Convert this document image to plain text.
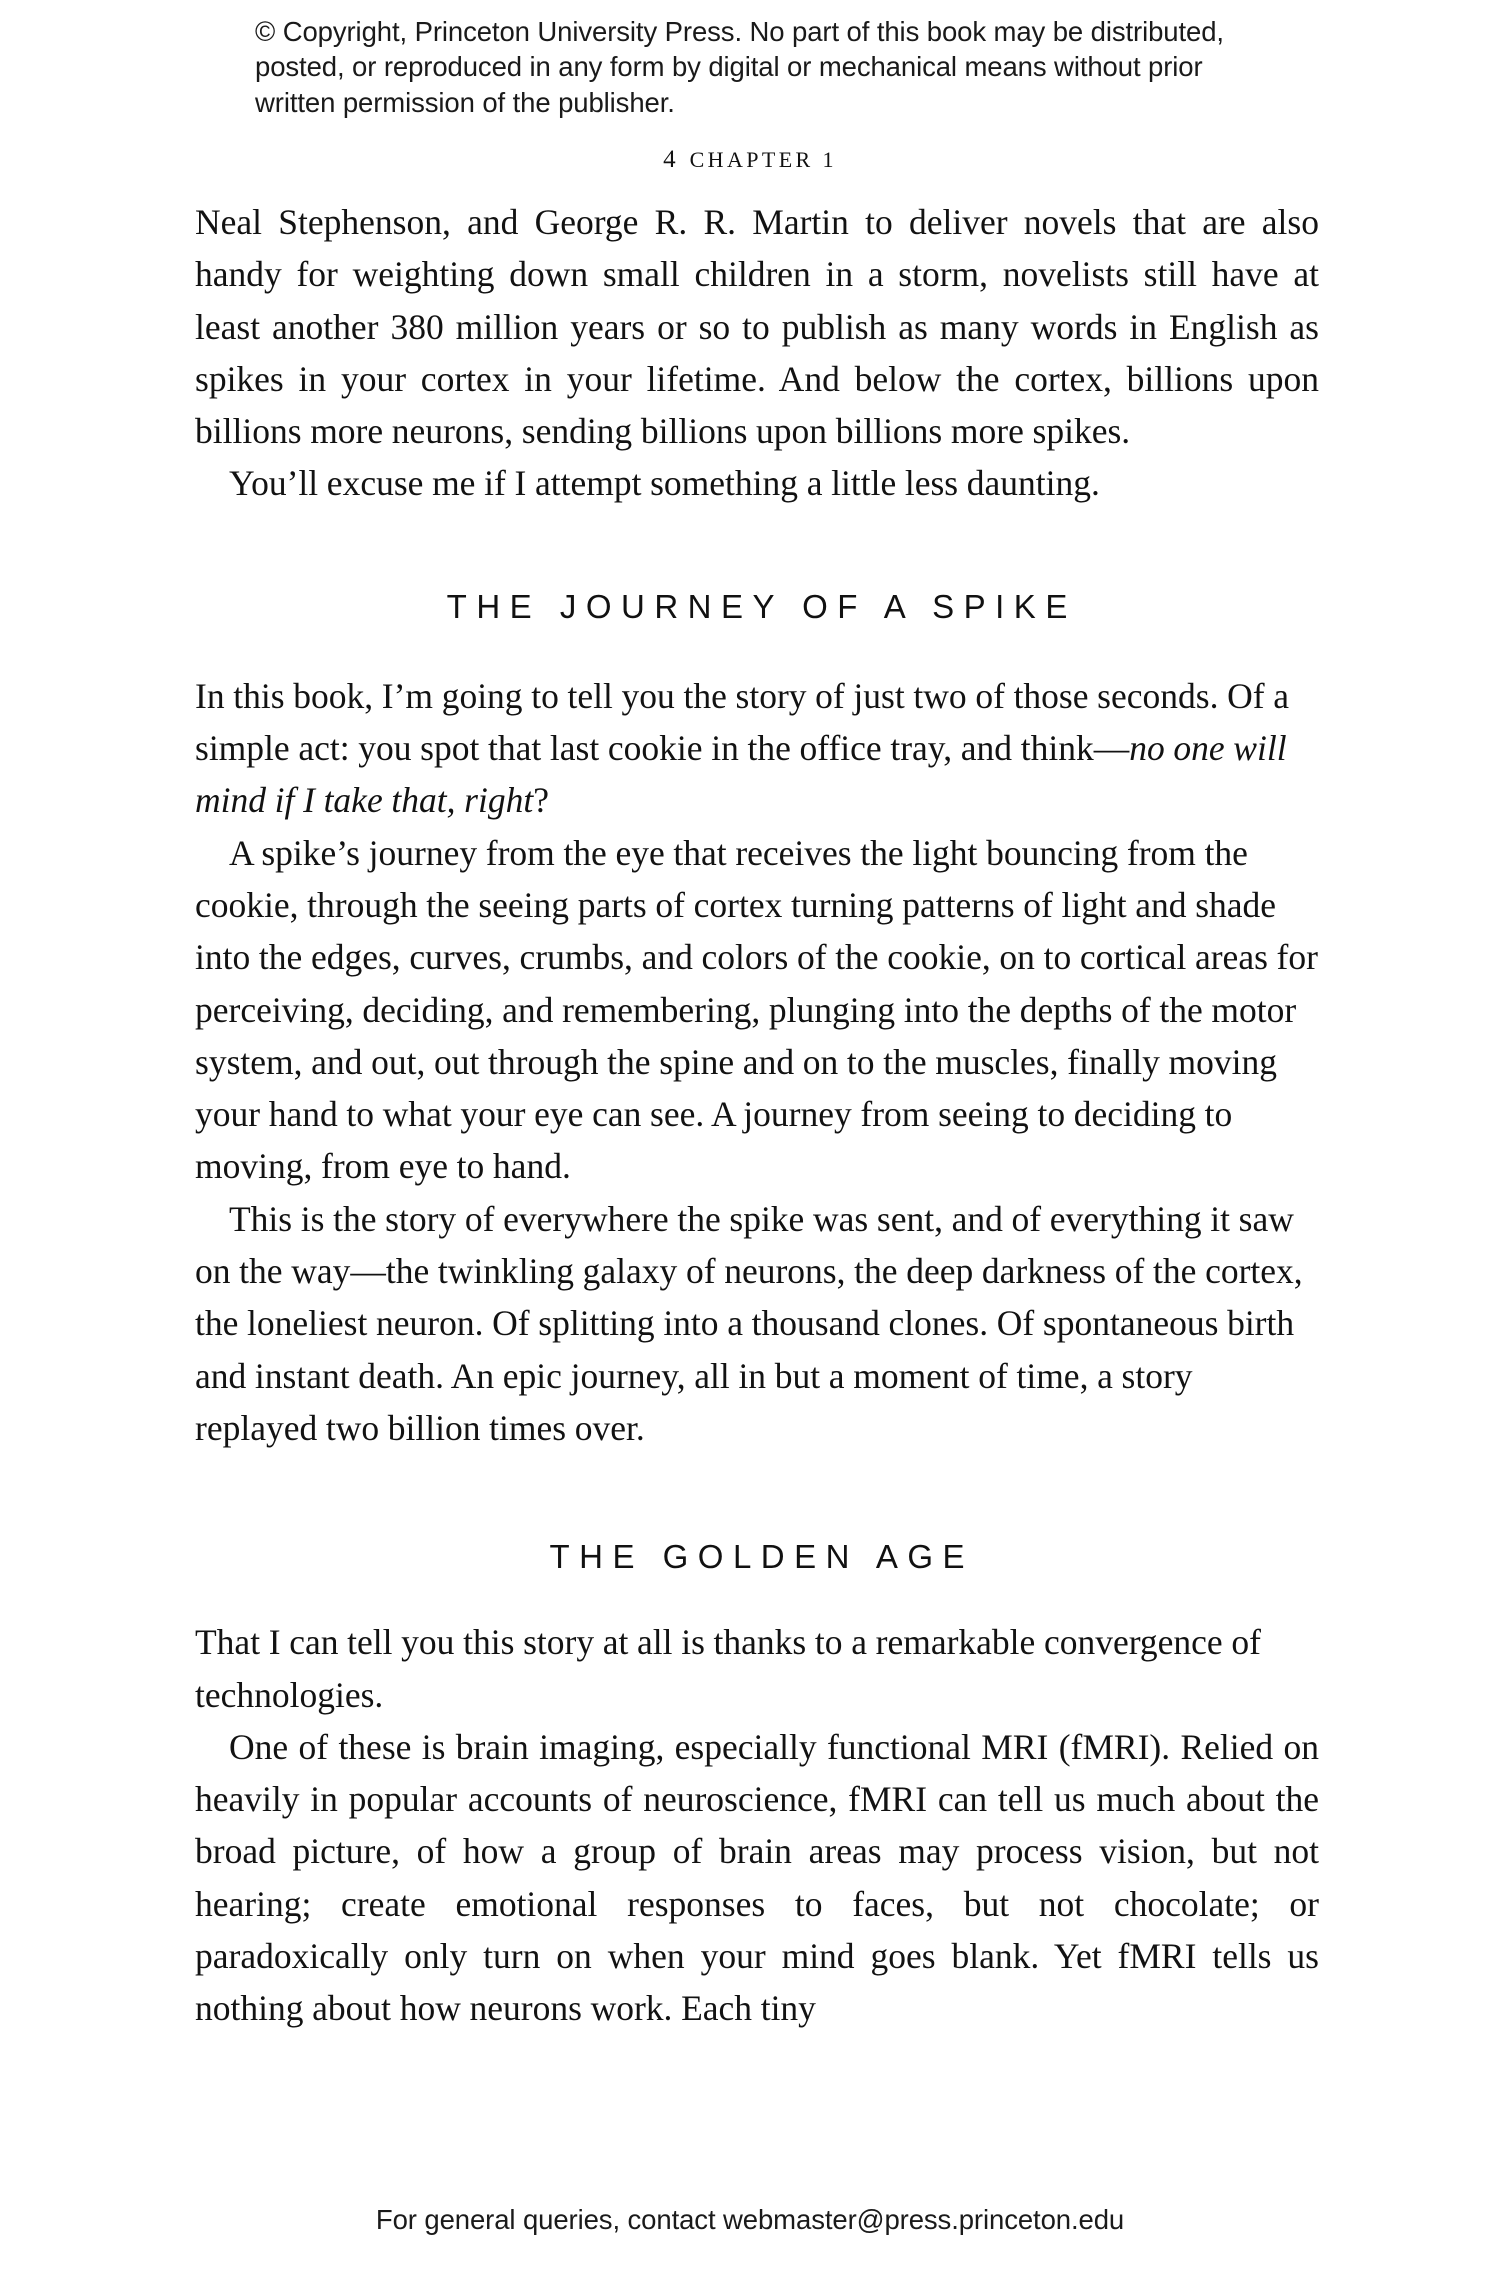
© Copyright, Princeton University Press. No part of this book may be distributed, posted, or reproduced in any form by digital or mechanical means without prior written permission of the publisher.
4 CHAPTER 1

Neal Stephenson, and George R. R. Martin to deliver novels that are also handy for weighting down small children in a storm, novelists still have at least another 380 million years or so to publish as many words in English as spikes in your cortex in your lifetime. And below the cortex, billions upon billions more neurons, sending billions upon billions more spikes.

You’ll excuse me if I attempt something a little less daunting.

THE JOURNEY OF A SPIKE

In this book, I’m going to tell you the story of just two of those seconds. Of a simple act: you spot that last cookie in the office tray, and think—no one will mind if I take that, right?

A spike’s journey from the eye that receives the light bouncing from the cookie, through the seeing parts of cortex turning patterns of light and shade into the edges, curves, crumbs, and colors of the cookie, on to cortical areas for perceiving, deciding, and remembering, plunging into the depths of the motor system, and out, out through the spine and on to the muscles, finally moving your hand to what your eye can see. A journey from seeing to deciding to moving, from eye to hand.

This is the story of everywhere the spike was sent, and of everything it saw on the way—the twinkling galaxy of neurons, the deep darkness of the cortex, the loneliest neuron. Of splitting into a thousand clones. Of spontaneous birth and instant death. An epic journey, all in but a moment of time, a story replayed two billion times over.

THE GOLDEN AGE

That I can tell you this story at all is thanks to a remarkable convergence of technologies.

One of these is brain imaging, especially functional MRI (fMRI). Relied on heavily in popular accounts of neuroscience, fMRI can tell us much about the broad picture, of how a group of brain areas may process vision, but not hearing; create emotional responses to faces, but not chocolate; or paradoxically only turn on when your mind goes blank. Yet fMRI tells us nothing about how neurons work. Each tiny

For general queries, contact webmaster@press.princeton.edu
